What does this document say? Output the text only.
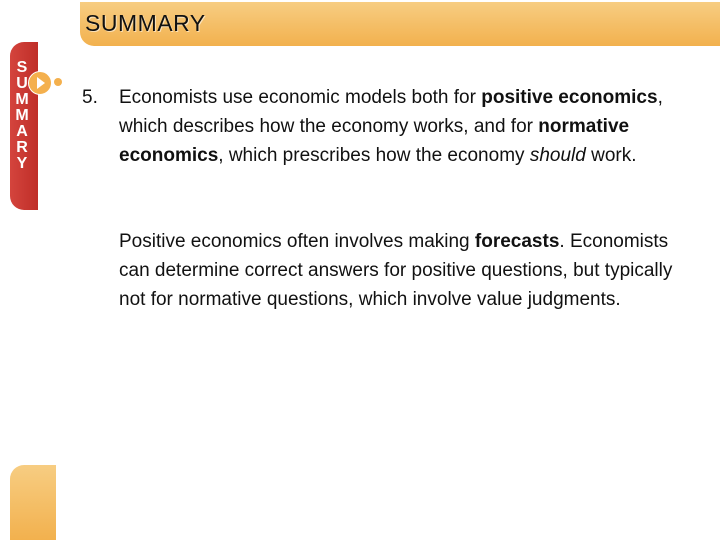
SUMMARY
S
U
M
M
A
R
Y
5. Economists use economic models both for positive economics, which describes how the economy works, and for normative economics, which prescribes how the economy should work.

Positive economics often involves making forecasts. Economists can determine correct answers for positive questions, but typically not for normative questions, which involve value judgments.
